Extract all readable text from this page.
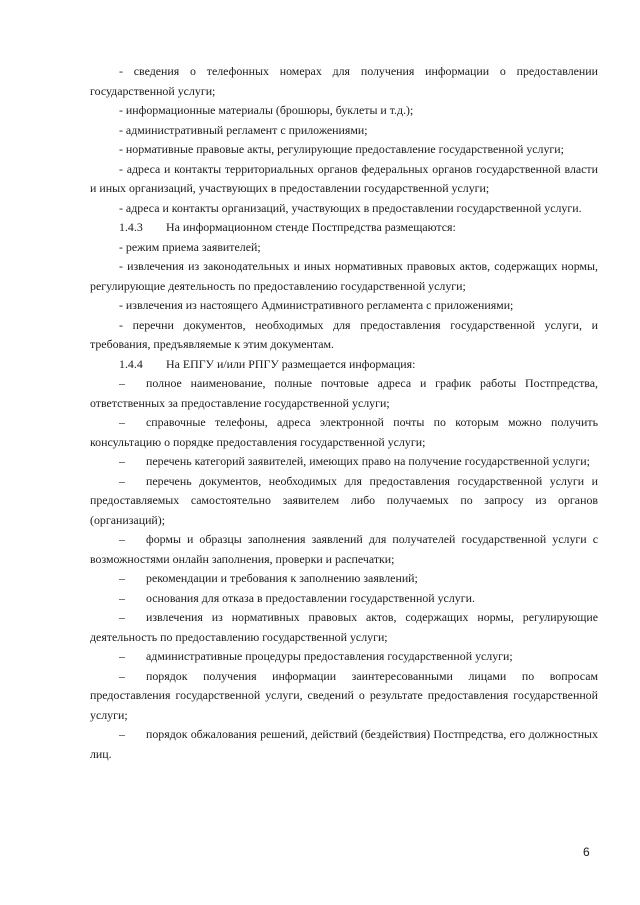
- сведения о телефонных номерах для получения информации о предоставлении государственной услуги;

- информационные материалы (брошюры, буклеты и т.д.);

- административный регламент с приложениями;

- нормативные правовые акты, регулирующие предоставление государственной услуги;

- адреса и контакты территориальных органов федеральных органов государственной власти и иных организаций, участвующих в предоставлении государственной услуги;

- адреса и контакты организаций, участвующих в предоставлении государственной услуги.

1.4.3 На информационном стенде Постпредства размещаются:

- режим приема заявителей;

- извлечения из законодательных и иных нормативных правовых актов, содержащих нормы, регулирующие деятельность по предоставлению государственной услуги;

- извлечения из настоящего Административного регламента с приложениями;

- перечни документов, необходимых для предоставления государственной услуги, и требования, предъявляемые к этим документам.

1.4.4 На ЕПГУ и/или РПГУ размещается информация:

– полное наименование, полные почтовые адреса и график работы Постпредства, ответственных за предоставление государственной услуги;

– справочные телефоны, адреса электронной почты по которым можно получить консультацию о порядке предоставления государственной услуги;

– перечень категорий заявителей, имеющих право на получение государственной услуги;

– перечень документов, необходимых для предоставления государственной услуги и предоставляемых самостоятельно заявителем либо получаемых по запросу из органов (организаций);

– формы и образцы заполнения заявлений для получателей государственной услуги с возможностями онлайн заполнения, проверки и распечатки;

– рекомендации и требования к заполнению заявлений;

– основания для отказа в предоставлении государственной услуги.

– извлечения из нормативных правовых актов, содержащих нормы, регулирующие деятельность по предоставлению государственной услуги;

– административные процедуры предоставления государственной услуги;

– порядок получения информации заинтересованными лицами по вопросам предоставления государственной услуги, сведений о результате предоставления государственной услуги;

– порядок обжалования решений, действий (бездействия) Постпредства, его должностных лиц.

6
